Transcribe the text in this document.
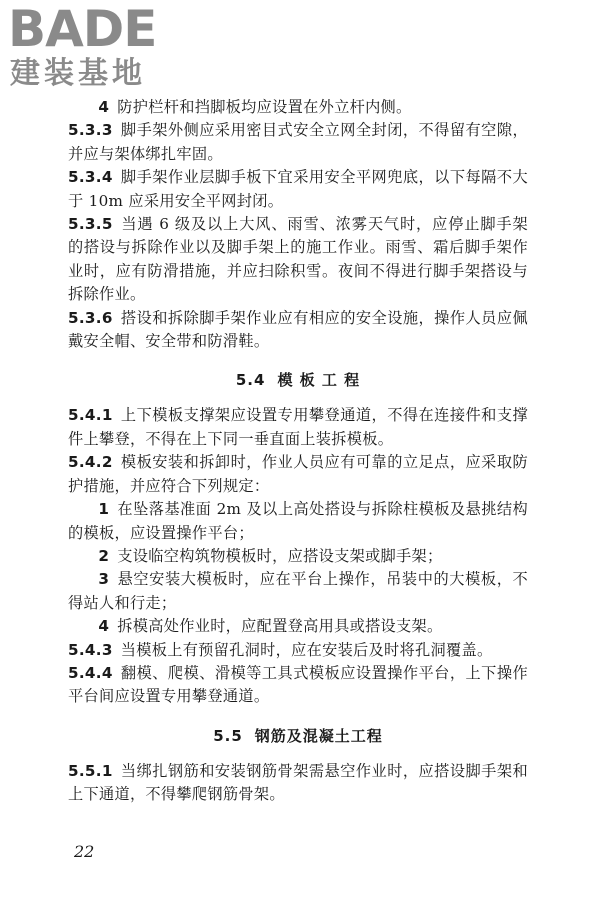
BADE
建装基地

4 防护栏杆和挡脚板均应设置在外立杆内侧。

5.3.3 脚手架外侧应采用密目式安全立网全封闭，不得留有空隙，并应与架体绑扎牢固。

5.3.4 脚手架作业层脚手板下宜采用安全平网兜底，以下每隔不大于 10m 应采用安全平网封闭。

5.3.5 当遇 6 级及以上大风、雨雪、浓雾天气时，应停止脚手架的搭设与拆除作业以及脚手架上的施工作业。雨雪、霜后脚手架作业时，应有防滑措施，并应扫除积雪。夜间不得进行脚手架搭设与拆除作业。

5.3.6 搭设和拆除脚手架作业应有相应的安全设施，操作人员应佩戴安全帽、安全带和防滑鞋。

5.4 模 板 工 程

5.4.1 上下模板支撑架应设置专用攀登通道，不得在连接件和支撑件上攀登，不得在上下同一垂直面上装拆模板。

5.4.2 模板安装和拆卸时，作业人员应有可靠的立足点，应采取防护措施，并应符合下列规定：

1 在坠落基准面 2m 及以上高处搭设与拆除柱模板及悬挑结构的模板，应设置操作平台；

2 支设临空构筑物模板时，应搭设支架或脚手架；

3 悬空安装大模板时，应在平台上操作，吊装中的大模板，不得站人和行走；

4 拆模高处作业时，应配置登高用具或搭设支架。

5.4.3 当模板上有预留孔洞时，应在安装后及时将孔洞覆盖。

5.4.4 翻模、爬模、滑模等工具式模板应设置操作平台，上下操作平台间应设置专用攀登通道。

5.5 钢筋及混凝土工程

5.5.1 当绑扎钢筋和安装钢筋骨架需悬空作业时，应搭设脚手架和上下通道，不得攀爬钢筋骨架。

22
